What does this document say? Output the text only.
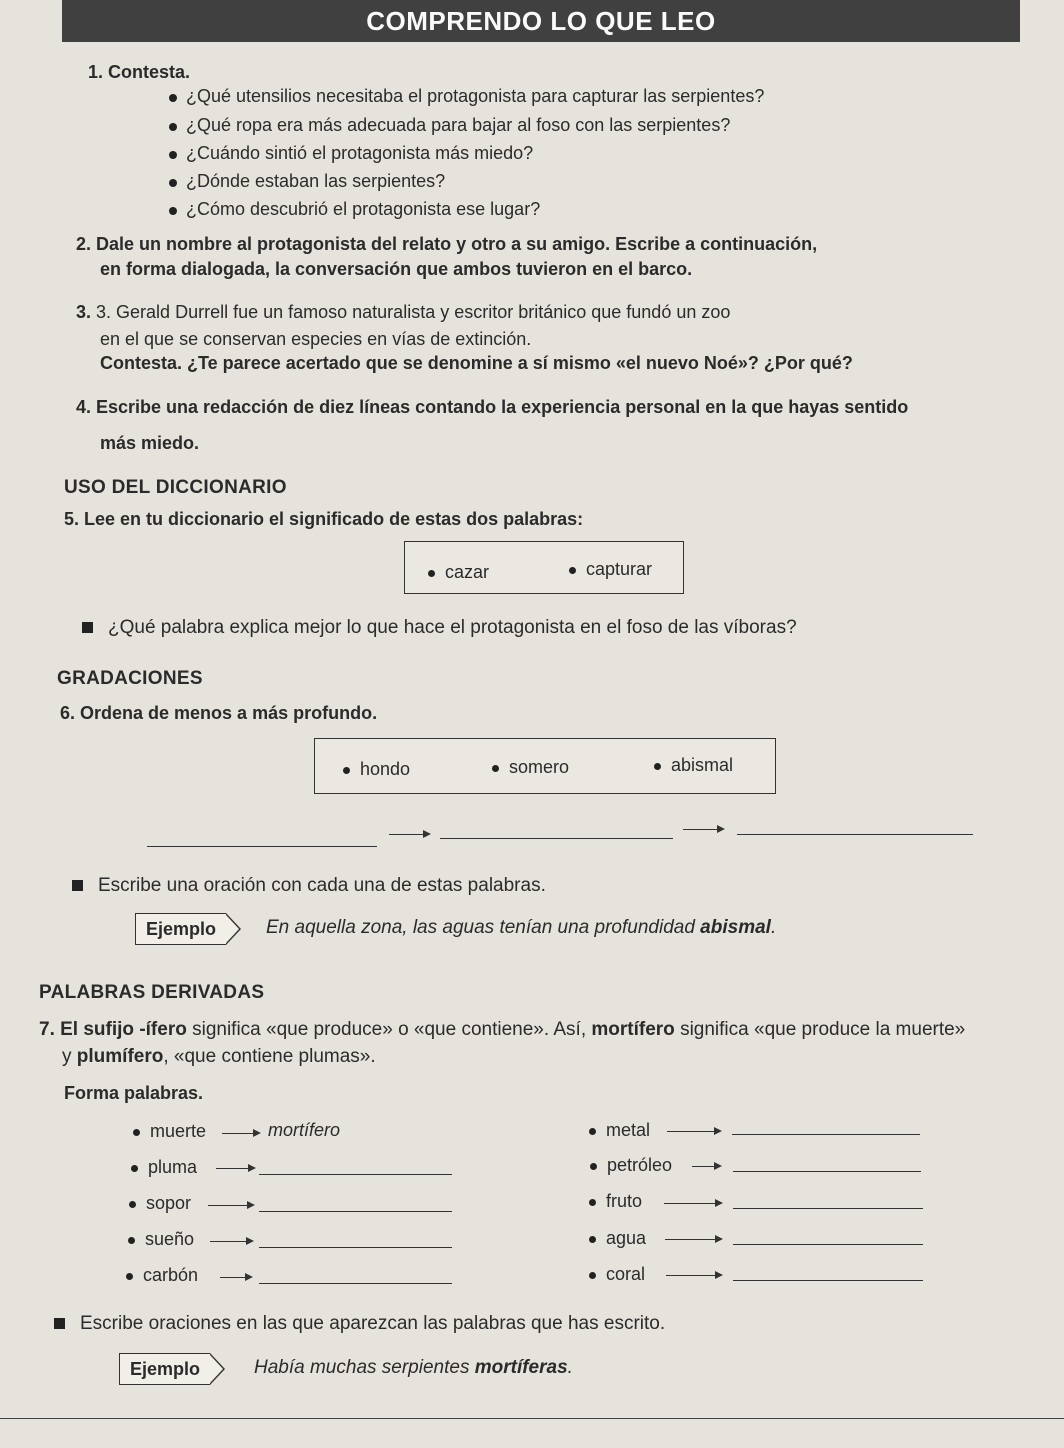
COMPRENDO LO QUE LEO
1. Contesta.
¿Qué utensilios necesitaba el protagonista para capturar las serpientes?
¿Qué ropa era más adecuada para bajar al foso con las serpientes?
¿Cuándo sintió el protagonista más miedo?
¿Dónde estaban las serpientes?
¿Cómo descubrió el protagonista ese lugar?
2. Dale un nombre al protagonista del relato y otro a su amigo. Escribe a continuación,
en forma dialogada, la conversación que ambos tuvieron en el barco.
3. 3. Gerald Durrell fue un famoso naturalista y escritor británico que fundó un zoo
en el que se conservan especies en vías de extinción.
Contesta. ¿Te parece acertado que se denomine a sí mismo «el nuevo Noé»? ¿Por qué?
4. Escribe una redacción de diez líneas contando la experiencia personal en la que hayas sentido
más miedo.
USO DEL DICCIONARIO
5. Lee en tu diccionario el significado de estas dos palabras:
cazar	capturar
¿Qué palabra explica mejor lo que hace el protagonista en el foso de las víboras?
GRADACIONES
6. Ordena de menos a más profundo.
hondo	somero	abismal
Escribe una oración con cada una de estas palabras.
Ejemplo	En aquella zona, las aguas tenían una profundidad abismal.
PALABRAS DERIVADAS
7. El sufijo -ífero significa «que produce» o «que contiene». Así, mortífero significa «que produce la muerte»
y plumífero, «que contiene plumas».
Forma palabras.
muerte	mortífero
pluma
sopor
sueño
carbón
metal
petróleo
fruto
agua
coral
Escribe oraciones en las que aparezcan las palabras que has escrito.
Ejemplo	Había muchas serpientes mortíferas.
